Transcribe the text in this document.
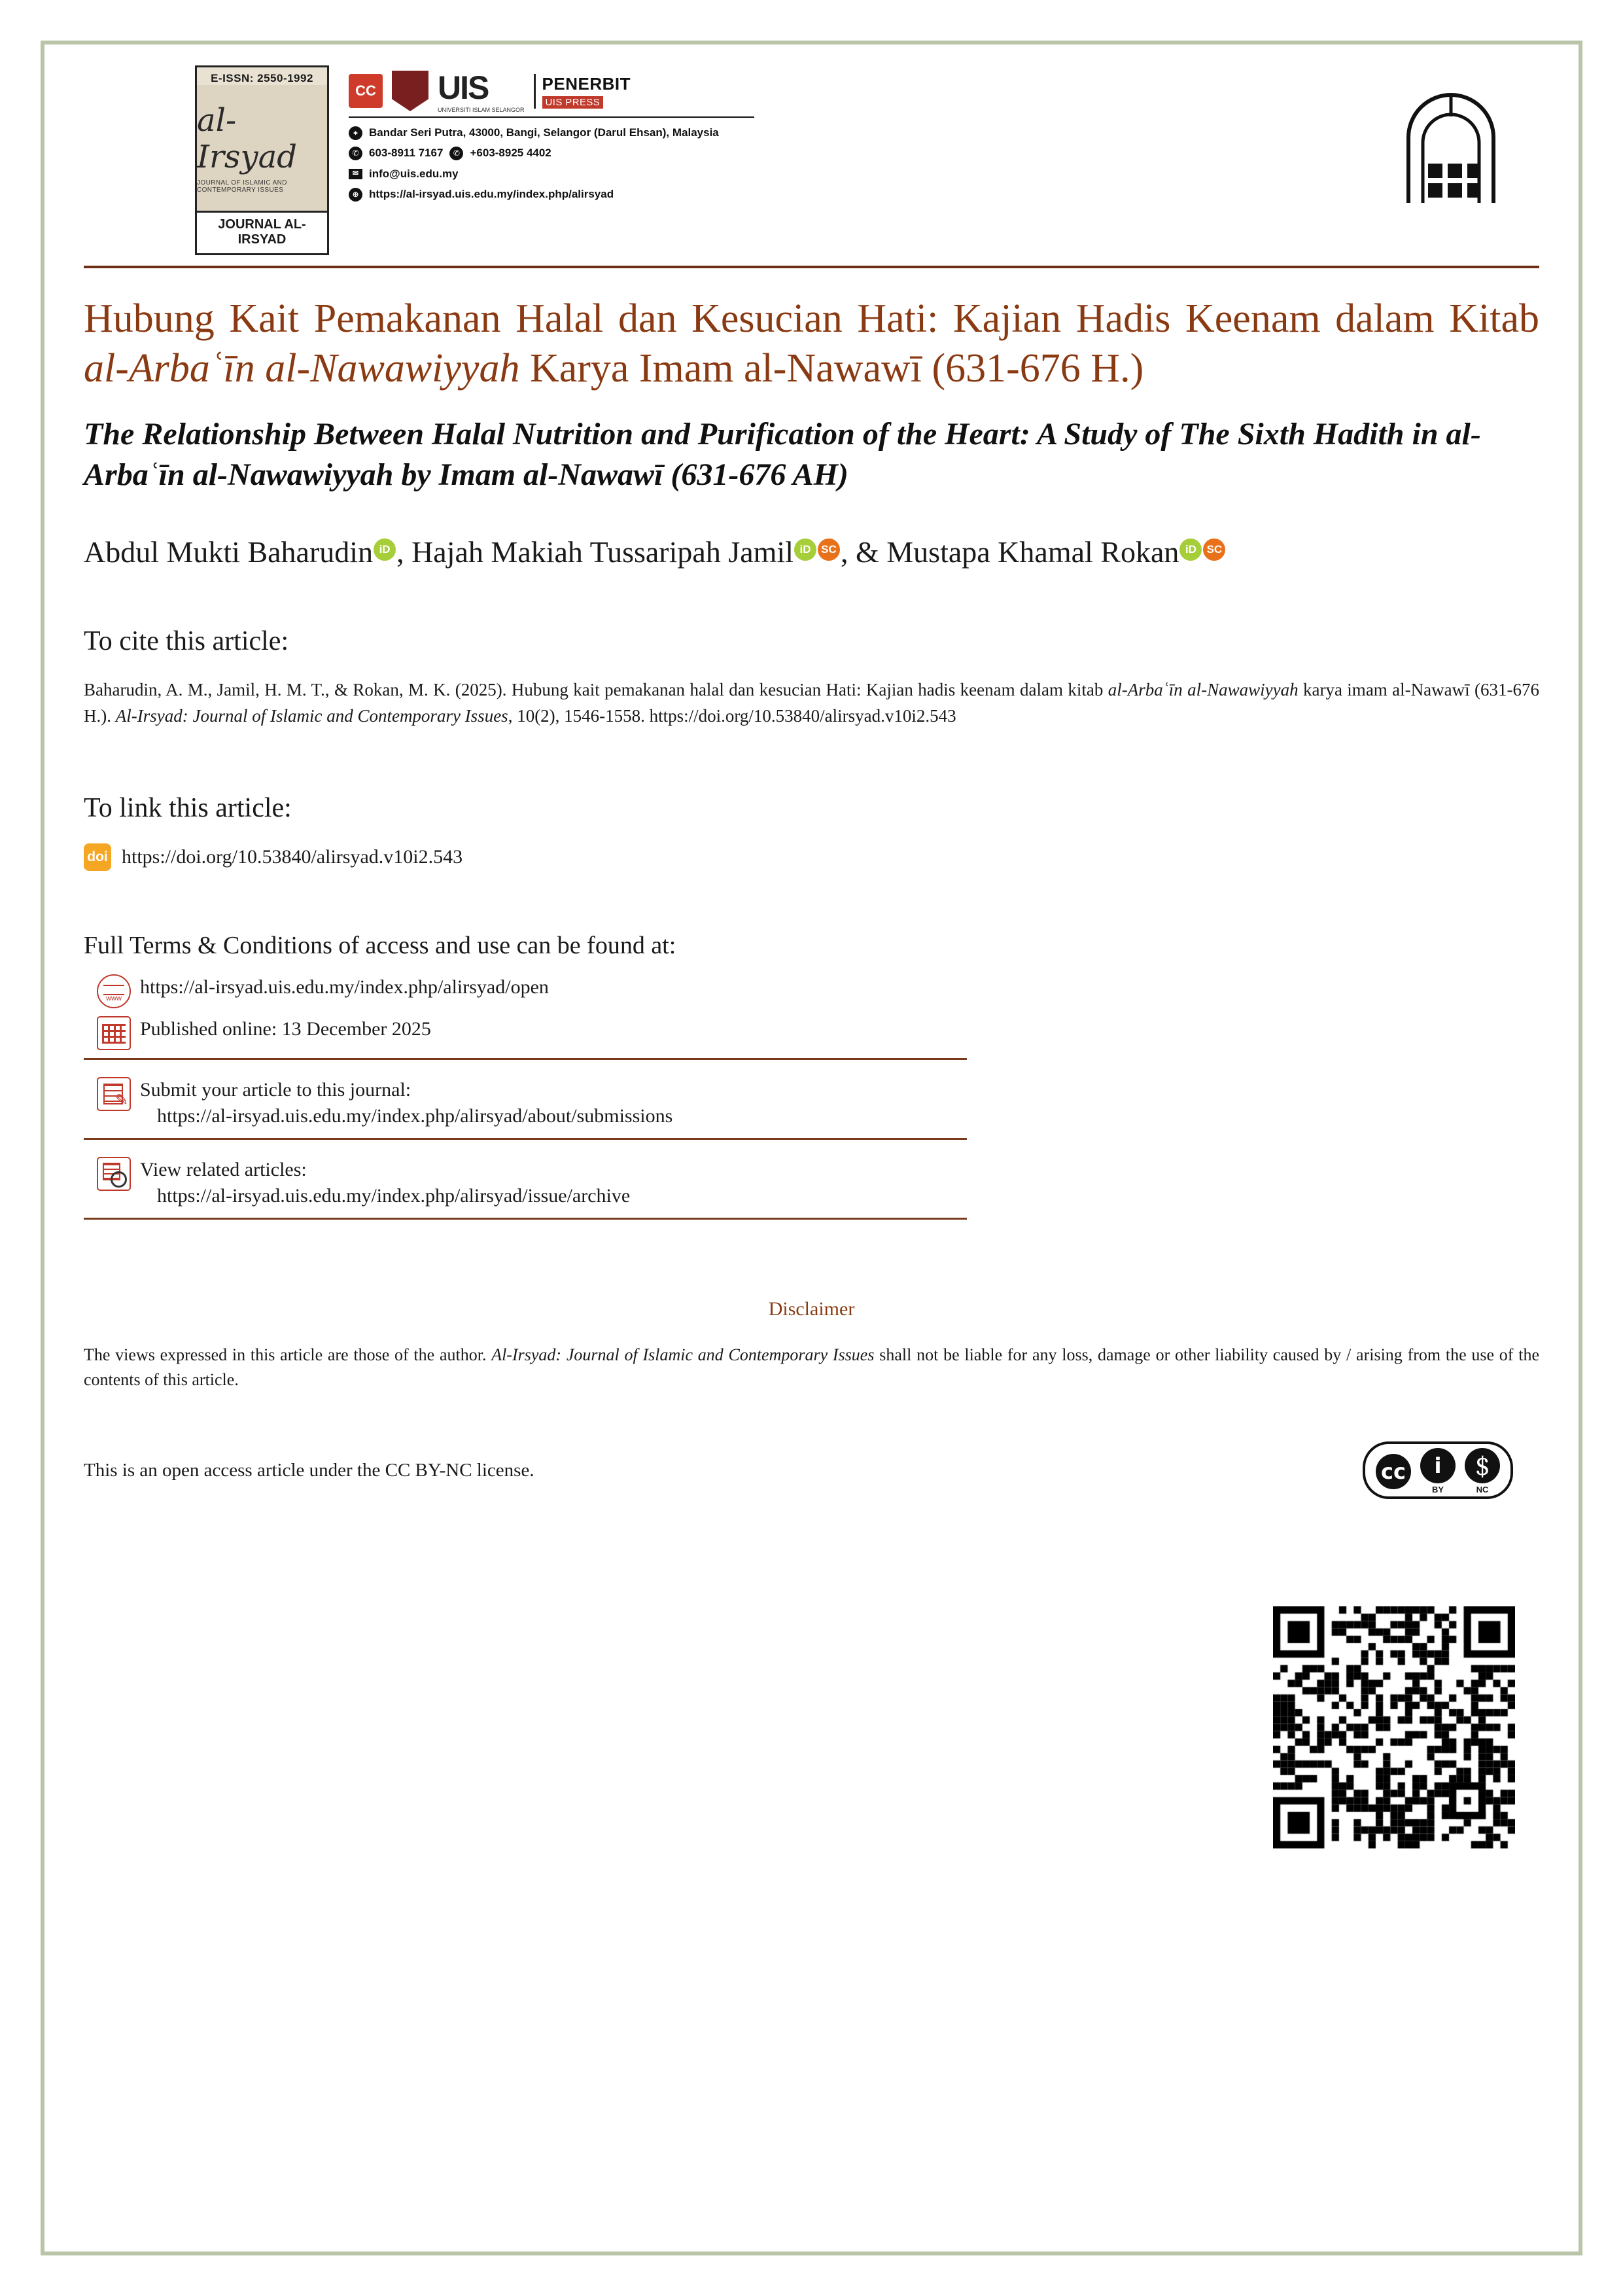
E-ISSN: 2550-1992
al-Irsyad
JOURNAL OF ISLAMIC AND CONTEMPORARY ISSUES
JOURNAL AL-IRSYAD
CC UIS
UNIVERSITI ISLAM SELANGOR
PENERBIT
UIS PRESS
⌖	Bandar Seri Putra, 43000, Bangi, Selangor (Darul Ehsan), Malaysia
✆ 603-8911 7167	✆ +603-8925 4402
✉ info@uis.edu.my
⊕ https://al-irsyad.uis.edu.my/index.php/alirsyad
Hubung Kait Pemakanan Halal dan Kesucian Hati: Kajian Hadis Keenam dalam Kitab al-Arbaʿīn al-Nawawiyyah Karya Imam al-Nawawī (631-676 H.)
The Relationship Between Halal Nutrition and Purification of the Heart: A Study of The Sixth Hadith in al-Arbaʿīn al-Nawawiyyah by Imam al-Nawawī (631-676 AH)
Abdul Mukti Baharudin iD , Hajah Makiah Tussaripah Jamil iD SC , & Mustapa Khamal Rokan iD SC
To cite this article:

Baharudin, A. M., Jamil, H. M. T., & Rokan, M. K. (2025). Hubung kait pemakanan halal dan kesucian Hati: Kajian hadis keenam dalam kitab al-Arbaʿīn al-Nawawiyyah karya imam al-Nawawī (631-676 H.). Al-Irsyad: Journal of Islamic and Contemporary Issues, 10(2), 1546-1558. https://doi.org/10.53840/alirsyad.v10i2.543

To link this article:
doi https://doi.org/10.53840/alirsyad.v10i2.543
Full Terms & Conditions of access and use can be found at:
www
https://al-irsyad.uis.edu.my/index.php/alirsyad/open
Published online: 13 December 2025
✎
Submit your article to this journal:
https://al-irsyad.uis.edu.my/index.php/alirsyad/about/submissions
View related articles:
https://al-irsyad.uis.edu.my/index.php/alirsyad/issue/archive
Disclaimer

The views expressed in this article are those of the author. Al-Irsyad: Journal of Islamic and Contemporary Issues shall not be liable for any loss, damage or other liability caused by / arising from the use of the contents of this article.

This is an open access article under the CC BY-NC license.	cc	i
BY
＄
NC
